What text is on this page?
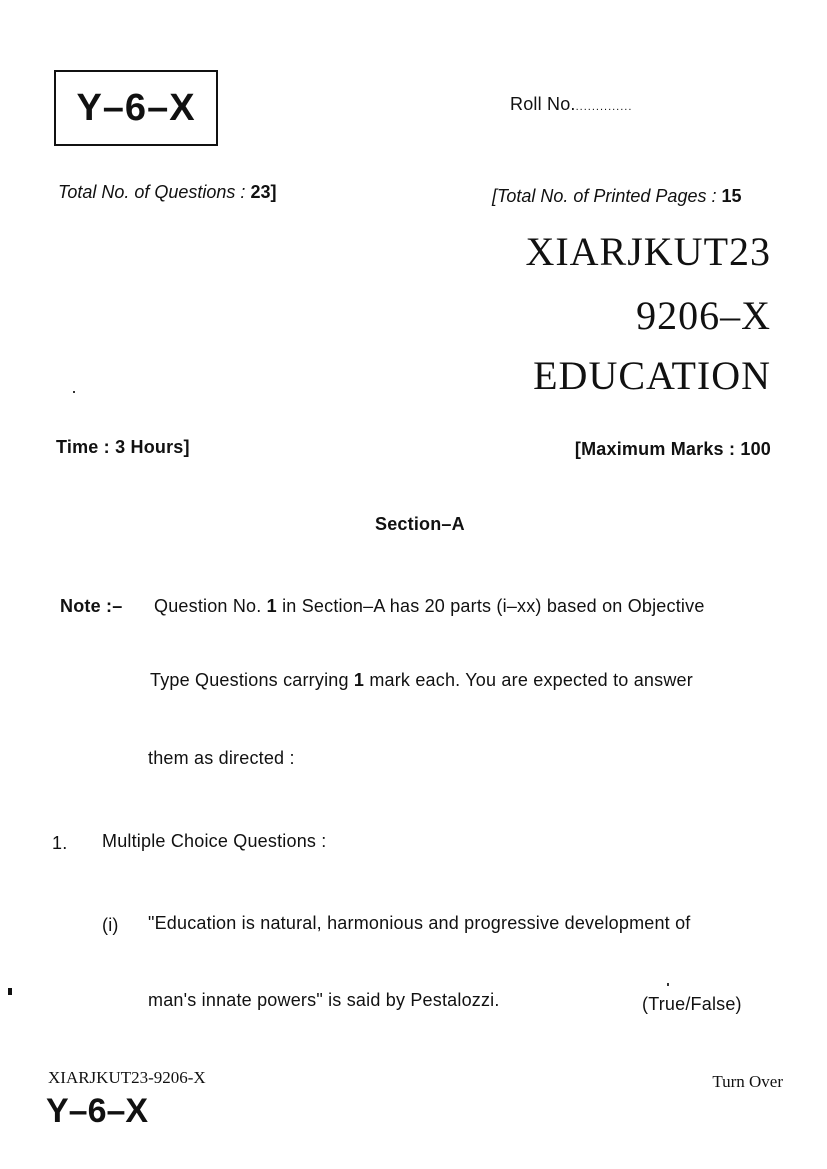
Y–6–X	Roll No...............
Total No. of Questions : 23]	[Total No. of Printed Pages : 15
XIARJKUT23
9206–X
EDUCATION
Time : 3 Hours]	[Maximum Marks : 100
Section–A
Note :– Question No. 1 in Section–A has 20 parts (i–xx) based on Objective
Type Questions carrying 1 mark each. You are expected to answer
them as directed :
1. Multiple Choice Questions :
(i) "Education is natural, harmonious and progressive development of
man's innate powers" is said by Pestalozzi.	(True/False)
XIARJKUT23-9206-X	Turn Over
Y–6–X
